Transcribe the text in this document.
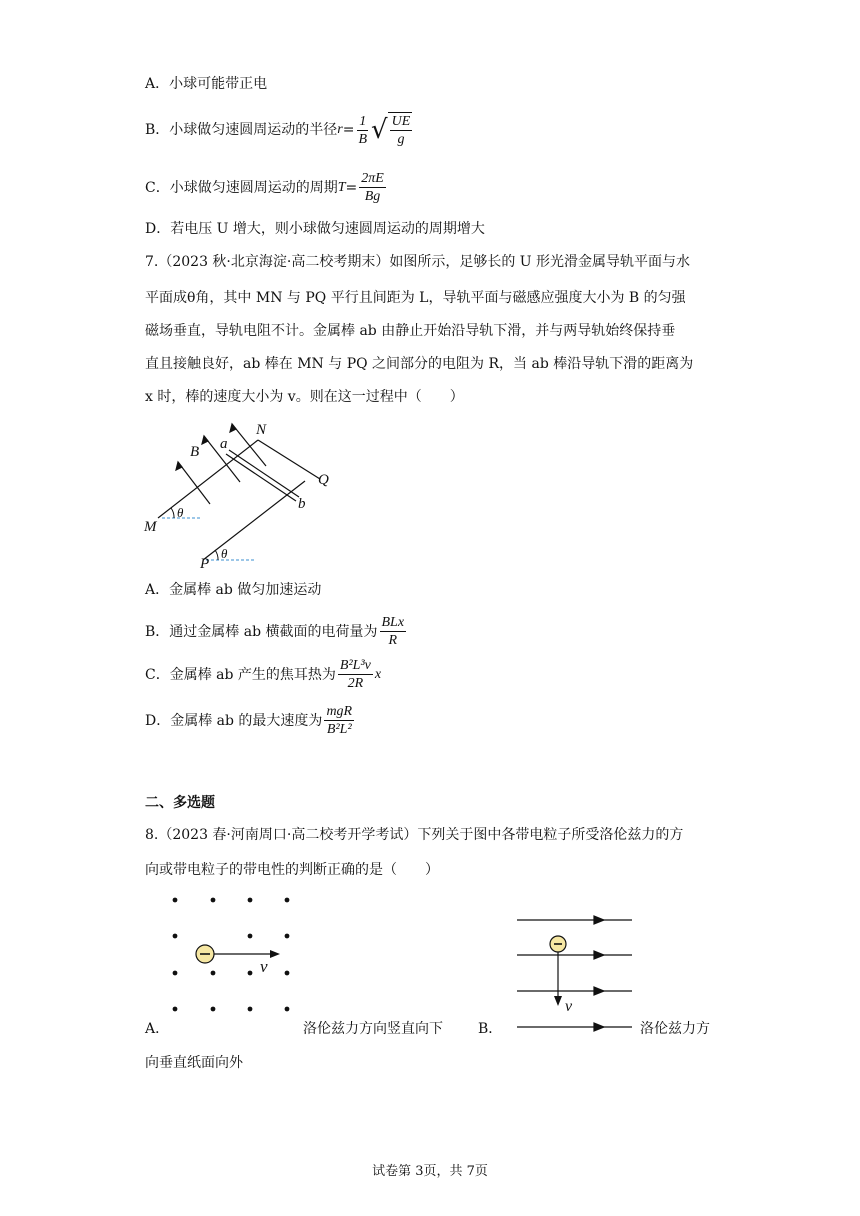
A．小球可能带正电
B．小球做匀速圆周运动的半径 $r = \frac{1}{B}$ √ $\frac{UE}{g}$
C．小球做匀速圆周运动的周期 $T = \frac{2\pi E}{Bg}$
D．若电压 U 增大，则小球做匀速圆周运动的周期增大
7.（2023 秋·北京海淀·高二校考期末）如图所示，足够长的 U 形光滑金属导轨平面与水
平面成θ角，其中 MN 与 PQ 平行且间距为 L，导轨平面与磁感应强度大小为 B 的匀强
磁场垂直，导轨电阻不计。金属棒 ab 由静止开始沿导轨下滑，并与两导轨始终保持垂
直且接触良好，ab 棒在 MN 与 PQ 之间部分的电阻为 R，当 ab 棒沿导轨下滑的距离为
x 时，棒的速度大小为 v。则在这一过程中（　　）
B a
N
Q
b
M
P
θ
θ
A．金属棒 ab 做匀加速运动
B．通过金属棒 ab 横截面的电荷量为 $\frac{\text{BLx}}{R}$
C．金属棒 ab 产生的焦耳热为 $\frac{\text{B²L³v}}{2R}$ x
D．金属棒 ab 的最大速度为 $\frac{\text{mgR}}{\text{B²L²}}$
二、多选题
8.（2023 春·河南周口·高二校考开学考试）下列关于图中各带电粒子所受洛伦兹力的方
向或带电粒子的带电性的判断正确的是（　　）
v
v
A．	洛伦兹力方向竖直向下	B．	洛伦兹力方
向垂直纸面向外
试卷第 3页，共 7页
